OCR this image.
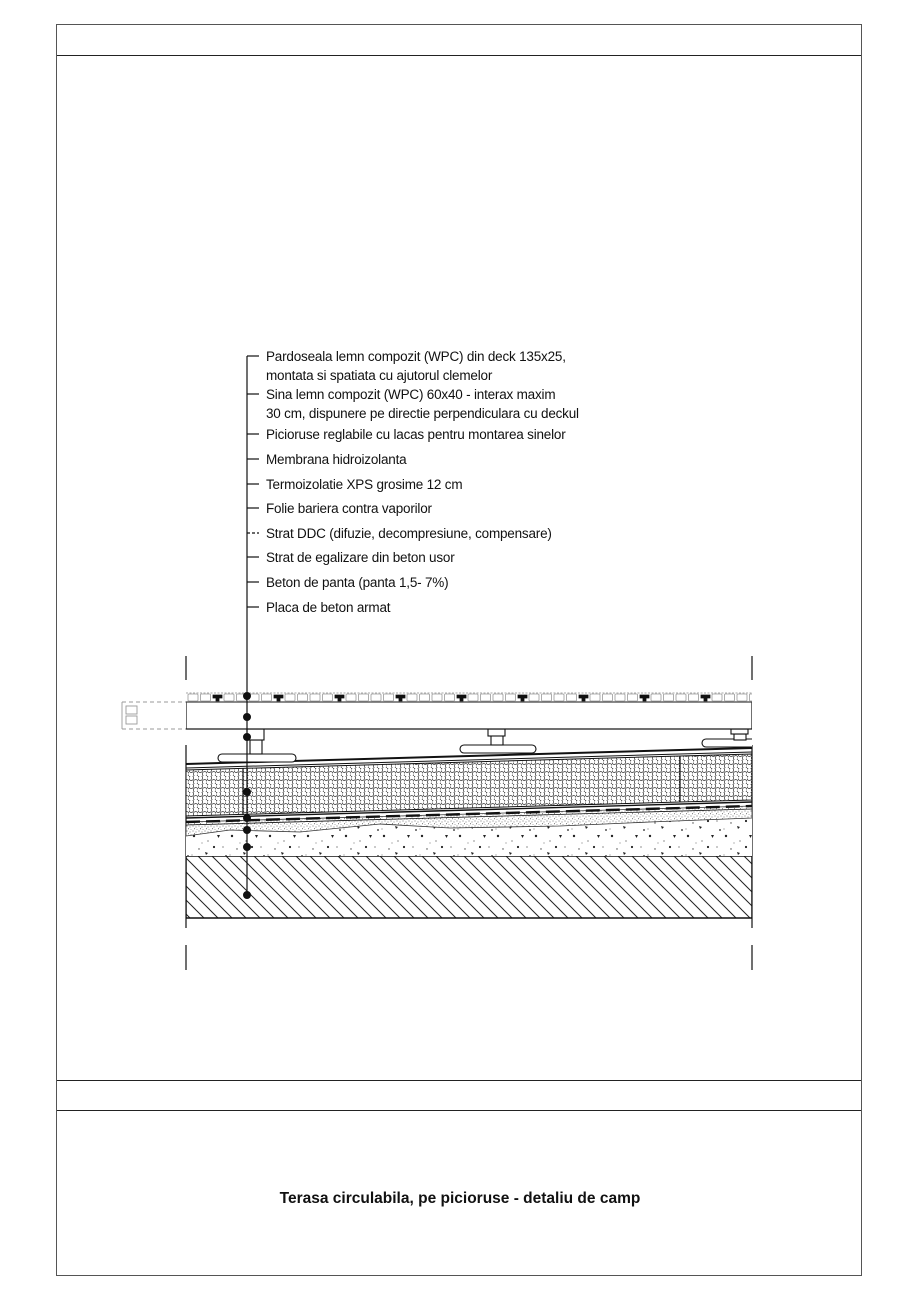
Pardoseala lemn compozit (WPC) din deck 135x25,
montata si spatiata cu ajutorul clemelor
Sina lemn compozit (WPC) 60x40 - interax maxim
30 cm, dispunere pe directie perpendiculara cu deckul
Picioruse reglabile cu lacas pentru montarea sinelor
Membrana hidroizolanta
Termoizolatie XPS grosime 12 cm
Folie bariera contra vaporilor
Strat DDC (difuzie, decompresiune, compensare)
Strat de egalizare din beton usor
Beton de panta (panta 1,5- 7%)
Placa de beton armat
Terasa circulabila, pe picioruse - detaliu de camp
